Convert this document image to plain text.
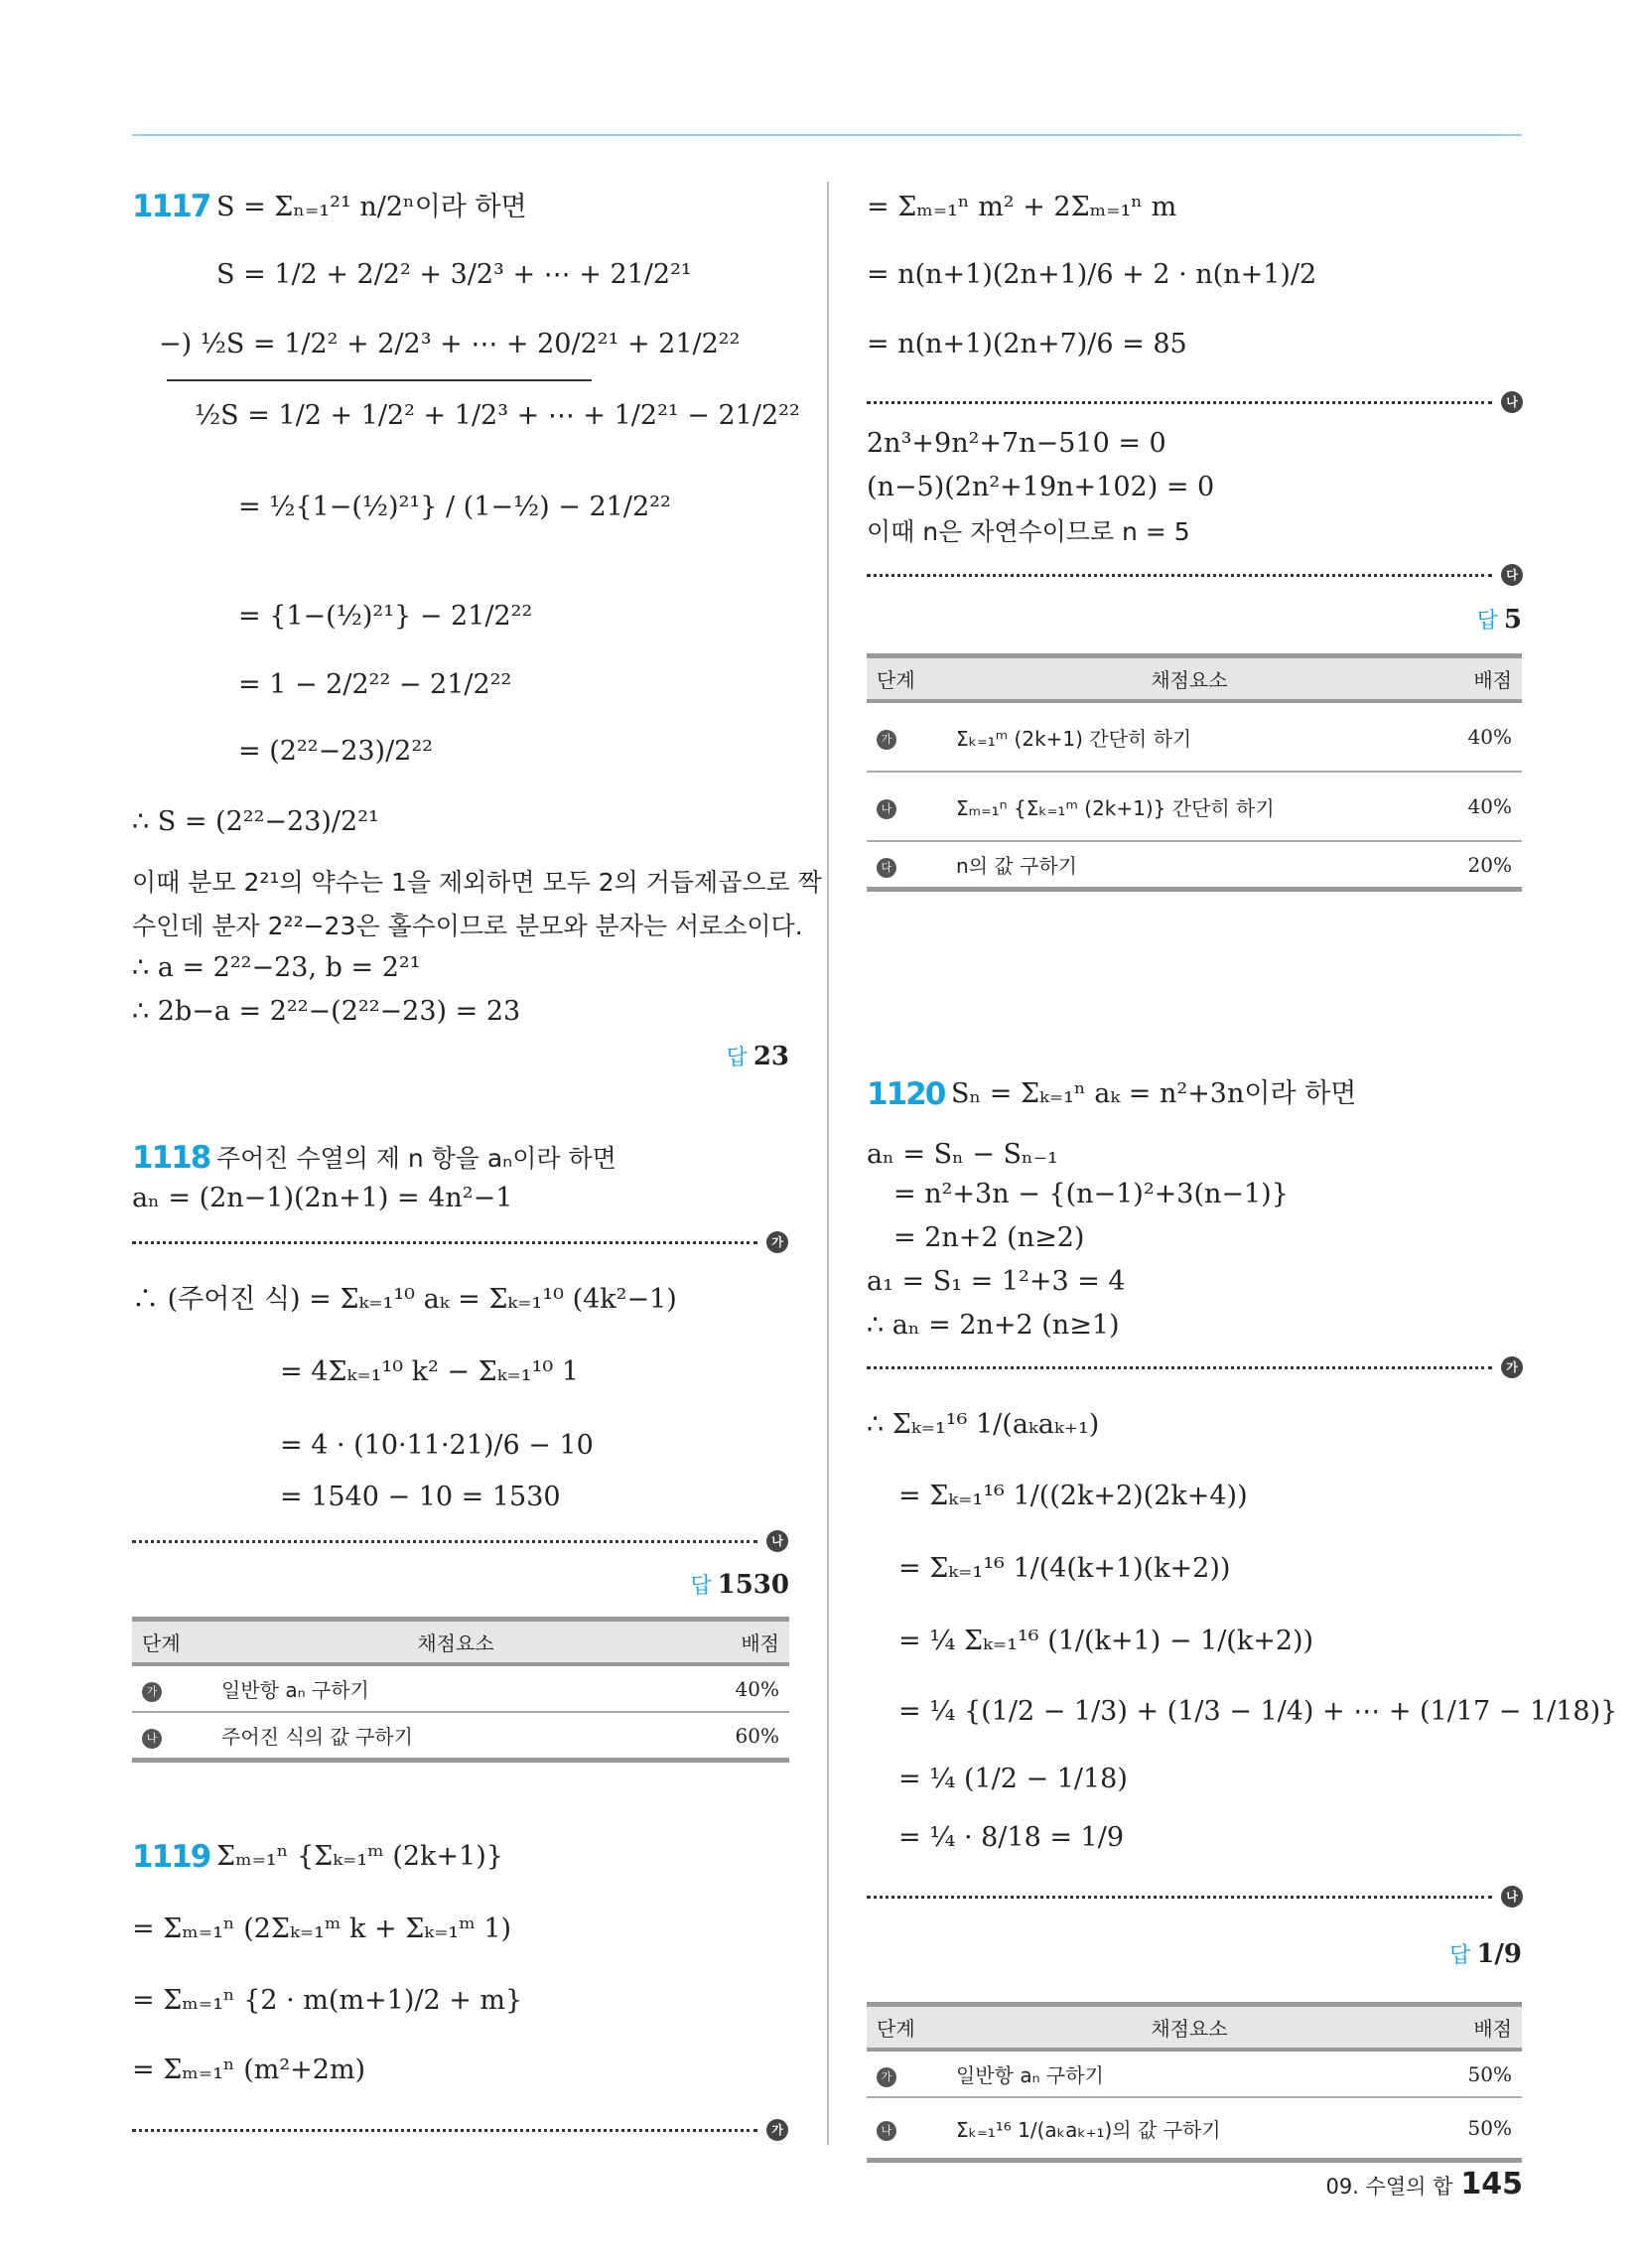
1117 S = Σₙ₌₁²¹ n/2ⁿ이라 하면
S = 1/2 + 2/2² + 3/2³ + ⋯ + 21/2²¹
−) ½S = 1/2² + 2/2³ + ⋯ + 20/2²¹ + 21/2²²
½S = 1/2 + 1/2² + 1/2³ + ⋯ + 1/2²¹ − 21/2²²
= ½{1−(½)²¹} / (1−½) − 21/2²²
= {1−(½)²¹} − 21/2²²
= 1 − 2/2²² − 21/2²²
= (2²²−23)/2²²
∴ S = (2²²−23)/2²¹
이때 분모 2²¹의 약수는 1을 제외하면 모두 2의 거듭제곱으로 짝
수인데 분자 2²²−23은 홀수이므로 분모와 분자는 서로소이다.
∴ a = 2²²−23, b = 2²¹
∴ 2b−a = 2²²−(2²²−23) = 23
답 23
1118 주어진 수열의 제 n 항을 aₙ이라 하면
aₙ = (2n−1)(2n+1) = 4n²−1
가
∴ (주어진 식) = Σₖ₌₁¹⁰ aₖ = Σₖ₌₁¹⁰ (4k²−1)
= 4Σₖ₌₁¹⁰ k² − Σₖ₌₁¹⁰ 1
= 4 · (10·11·21)/6 − 10
= 1540 − 10 = 1530
나
답 1530
단계	채점요소	배점
가	일반항 aₙ 구하기	40%
나	주어진 식의 값 구하기	60%
1119 Σₘ₌₁ⁿ {Σₖ₌₁ᵐ (2k+1)}
= Σₘ₌₁ⁿ (2Σₖ₌₁ᵐ k + Σₖ₌₁ᵐ 1)
= Σₘ₌₁ⁿ {2 · m(m+1)/2 + m}
= Σₘ₌₁ⁿ (m²+2m)
가
= Σₘ₌₁ⁿ m² + 2Σₘ₌₁ⁿ m
= n(n+1)(2n+1)/6 + 2 · n(n+1)/2
= n(n+1)(2n+7)/6 = 85
나
2n³+9n²+7n−510 = 0
(n−5)(2n²+19n+102) = 0
이때 n은 자연수이므로 n = 5
다
답 5
단계	채점요소	배점
가	Σₖ₌₁ᵐ (2k+1) 간단히 하기	40%
나	Σₘ₌₁ⁿ {Σₖ₌₁ᵐ (2k+1)} 간단히 하기	40%
다	n의 값 구하기	20%
1120 Sₙ = Σₖ₌₁ⁿ aₖ = n²+3n이라 하면
aₙ = Sₙ − Sₙ₋₁
= n²+3n − {(n−1)²+3(n−1)}
= 2n+2 (n≥2)
a₁ = S₁ = 1²+3 = 4
∴ aₙ = 2n+2 (n≥1)
가
∴ Σₖ₌₁¹⁶ 1/(aₖaₖ₊₁)
= Σₖ₌₁¹⁶ 1/((2k+2)(2k+4))
= Σₖ₌₁¹⁶ 1/(4(k+1)(k+2))
= ¼ Σₖ₌₁¹⁶ (1/(k+1) − 1/(k+2))
= ¼ {(1/2 − 1/3) + (1/3 − 1/4) + ⋯ + (1/17 − 1/18)}
= ¼ (1/2 − 1/18)
= ¼ · 8/18 = 1/9
나
답 1/9
단계	채점요소	배점
가	일반항 aₙ 구하기	50%
나	Σₖ₌₁¹⁶ 1/(aₖaₖ₊₁)의 값 구하기	50%
09. 수열의 합 145
